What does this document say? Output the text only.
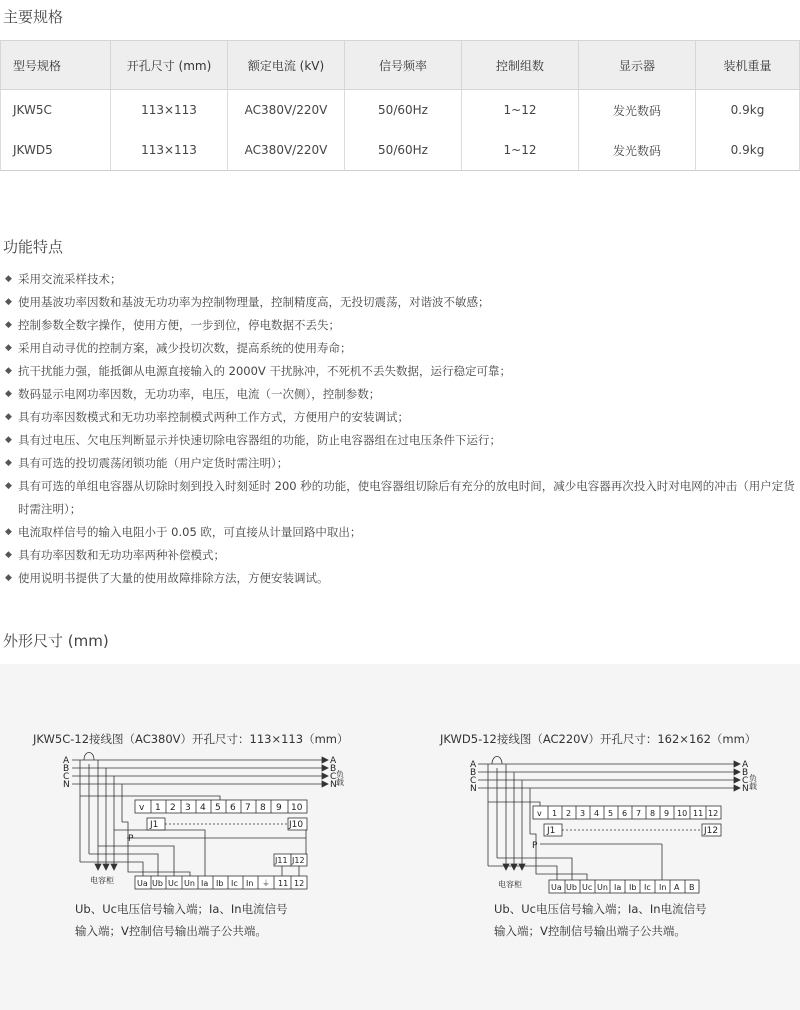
主要规格
型号规格	开孔尺寸 (mm)	额定电流 (kV)	信号频率	控制组数	显示器	装机重量
JKW5C	113×113	AC380V/220V	50/60Hz	1~12	发光数码	0.9kg
JKWD5	113×113	AC380V/220V	50/60Hz	1~12	发光数码	0.9kg
功能特点
◆ 采用交流采样技术；
◆ 使用基波功率因数和基波无功功率为控制物理量，控制精度高，无投切震荡，对谐波不敏感；
◆ 控制参数全数字操作，使用方便，一步到位，停电数据不丢失；
◆ 采用自动寻优的控制方案，减少投切次数，提高系统的使用寿命；
◆ 抗干扰能力强，能抵御从电源直接输入的 2000V 干扰脉冲，不死机不丢失数据，运行稳定可靠；
◆ 数码显示电网功率因数，无功功率，电压，电流（一次侧），控制参数；
◆ 具有功率因数模式和无功功率控制模式两种工作方式，方便用户的安装调试；
◆ 具有过电压、欠电压判断显示并快速切除电容器组的功能，防止电容器组在过电压条件下运行；
◆ 具有可选的投切震荡闭锁功能（用户定货时需注明）；
◆ 具有可选的单组电容器从切除时刻到投入时刻延时 200 秒的功能，使电容器组切除后有充分的放电时间，减少电容器再次投入时对电网的冲击（用户定货时需注明）；
◆ 电流取样信号的输入电阻小于 0.05 欧，可直接从计量回路中取出；
◆ 具有功率因数和无功功率两种补偿模式；
◆ 使用说明书提供了大量的使用故障排除方法，方便安装调试。
外形尺寸 (mm)
JKW5C-12接线图（AC380V）开孔尺寸：113×113（mm）	JKWD5-12接线图（AC220V）开孔尺寸：162×162（mm）
A
B
C
N
A
B
C
N
负载
v 1 2 3 4 5 6 7 8 9 10
J1	J10
P
J11 J12
Ua Ub Uc Un Ia Ib Ic In ⏚ 11 12
电容柜
A
B
C
N
A
B
C
N 负载
v 1 2 3 4 5 6 7 8 9 10 11 12
J1	J12
P
Ua Ub Uc Un Ia Ib Ic In A B
电容柜
Ub、Uc电压信号输入端；Ia、In电流信号
输入端；V控制信号输出端子公共端。
Ub、Uc电压信号输入端；Ia、In电流信号
输入端；V控制信号输出端子公共端。
